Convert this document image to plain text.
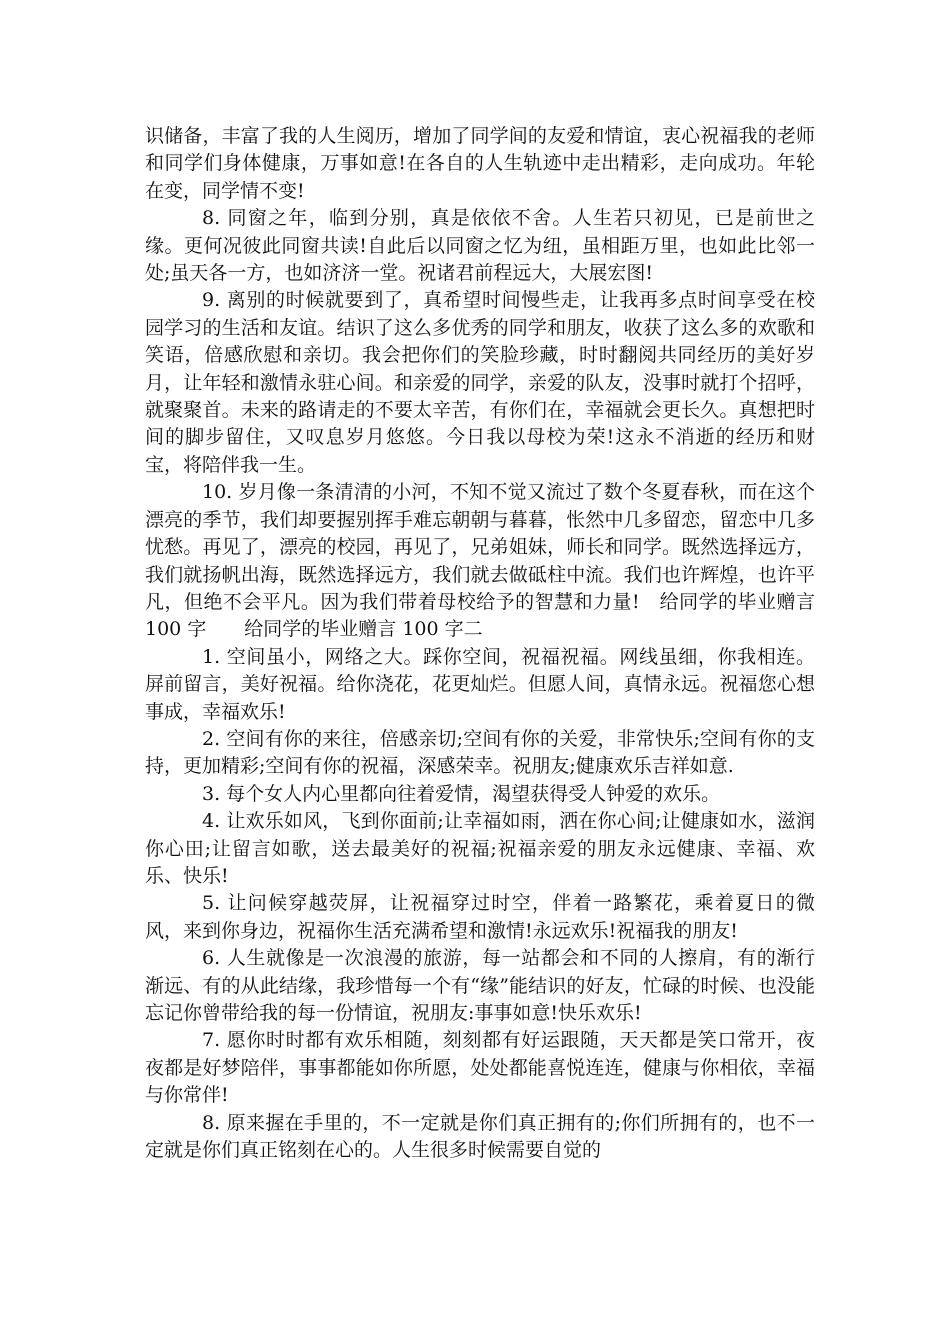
识储备，丰富了我的人生阅历，增加了同学间的友爱和情谊，衷心祝福我的老师和同学们身体健康，万事如意!在各自的人生轨迹中走出精彩，走向成功。年轮在变，同学情不变!

8. 同窗之年，临到分别，真是依依不舍。人生若只初见，已是前世之缘。更何况彼此同窗共读!自此后以同窗之忆为纽，虽相距万里，也如此比邻一处;虽天各一方，也如济济一堂。祝诸君前程远大，大展宏图!

9. 离别的时候就要到了，真希望时间慢些走，让我再多点时间享受在校园学习的生活和友谊。结识了这么多优秀的同学和朋友，收获了这么多的欢歌和笑语，倍感欣慰和亲切。我会把你们的笑脸珍藏，时时翻阅共同经历的美好岁月，让年轻和激情永驻心间。和亲爱的同学，亲爱的队友，没事时就打个招呼，就聚聚首。未来的路请走的不要太辛苦，有你们在，幸福就会更长久。真想把时间的脚步留住，又叹息岁月悠悠。今日我以母校为荣!这永不消逝的经历和财宝，将陪伴我一生。

10. 岁月像一条清清的小河，不知不觉又流过了数个冬夏春秋，而在这个漂亮的季节，我们却要握别挥手难忘朝朝与暮暮，怅然中几多留恋，留恋中几多忧愁。再见了，漂亮的校园，再见了，兄弟姐妹，师长和同学。既然选择远方，我们就扬帆出海，既然选择远方，我们就去做砥柱中流。我们也许辉煌，也许平凡，但绝不会平凡。因为我们带着母校给予的智慧和力量!　给同学的毕业赠言 100 字　　给同学的毕业赠言 100 字二

1. 空间虽小，网络之大。踩你空间，祝福祝福。网线虽细，你我相连。屏前留言，美好祝福。给你浇花，花更灿烂。但愿人间，真情永远。祝福您心想事成，幸福欢乐!

2. 空间有你的来往，倍感亲切;空间有你的关爱，非常快乐;空间有你的支持，更加精彩;空间有你的祝福，深感荣幸。祝朋友;健康欢乐吉祥如意.

3. 每个女人内心里都向往着爱情，渴望获得受人钟爱的欢乐。

4. 让欢乐如风，飞到你面前;让幸福如雨，洒在你心间;让健康如水，滋润你心田;让留言如歌，送去最美好的祝福;祝福亲爱的朋友永远健康、幸福、欢乐、快乐!

5. 让问候穿越荧屏，让祝福穿过时空，伴着一路繁花，乘着夏日的微风，来到你身边，祝福你生活充满希望和激情!永远欢乐!祝福我的朋友!

6. 人生就像是一次浪漫的旅游，每一站都会和不同的人擦肩，有的渐行渐远、有的从此结缘，我珍惜每一个有“缘”能结识的好友，忙碌的时候、也没能忘记你曾带给我的每一份情谊，祝朋友:事事如意!快乐欢乐!

7. 愿你时时都有欢乐相随，刻刻都有好运跟随，天天都是笑口常开，夜夜都是好梦陪伴，事事都能如你所愿，处处都能喜悦连连，健康与你相依，幸福与你常伴!

8. 原来握在手里的，不一定就是你们真正拥有的;你们所拥有的，也不一定就是你们真正铭刻在心的。人生很多时候需要自觉的
